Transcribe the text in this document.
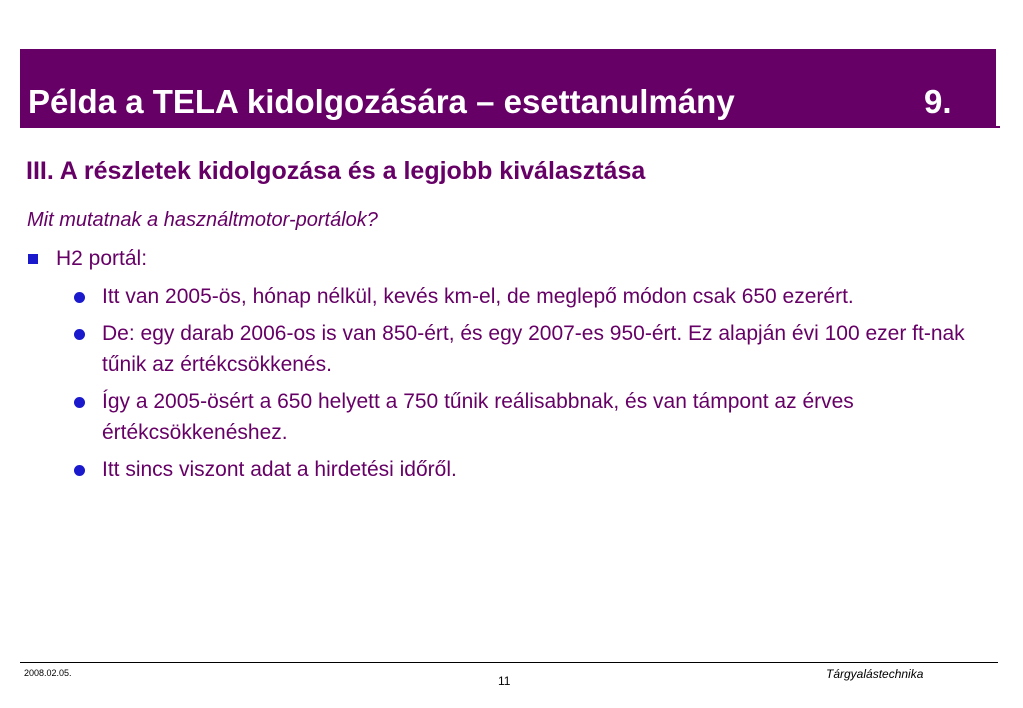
Példa a TELA kidolgozására – esettanulmány	9.
III. A részletek kidolgozása és a legjobb kiválasztása
Mit mutatnak a használtmotor-portálok?
H2 portál:
Itt van 2005-ös, hónap nélkül, kevés km-el, de meglepő módon csak 650 ezerért.
De: egy darab 2006-os is van 850-ért, és egy 2007-es 950-ért. Ez alapján évi 100 ezer ft-nak tűnik az értékcsökkenés.
Így a 2005-ösért a 650 helyett a 750 tűnik reálisabbnak, és van támpont az érves értékcsökkenéshez.
Itt sincs viszont adat a hirdetési időről.
2008.02.05.
11	Tárgyalástechnika
